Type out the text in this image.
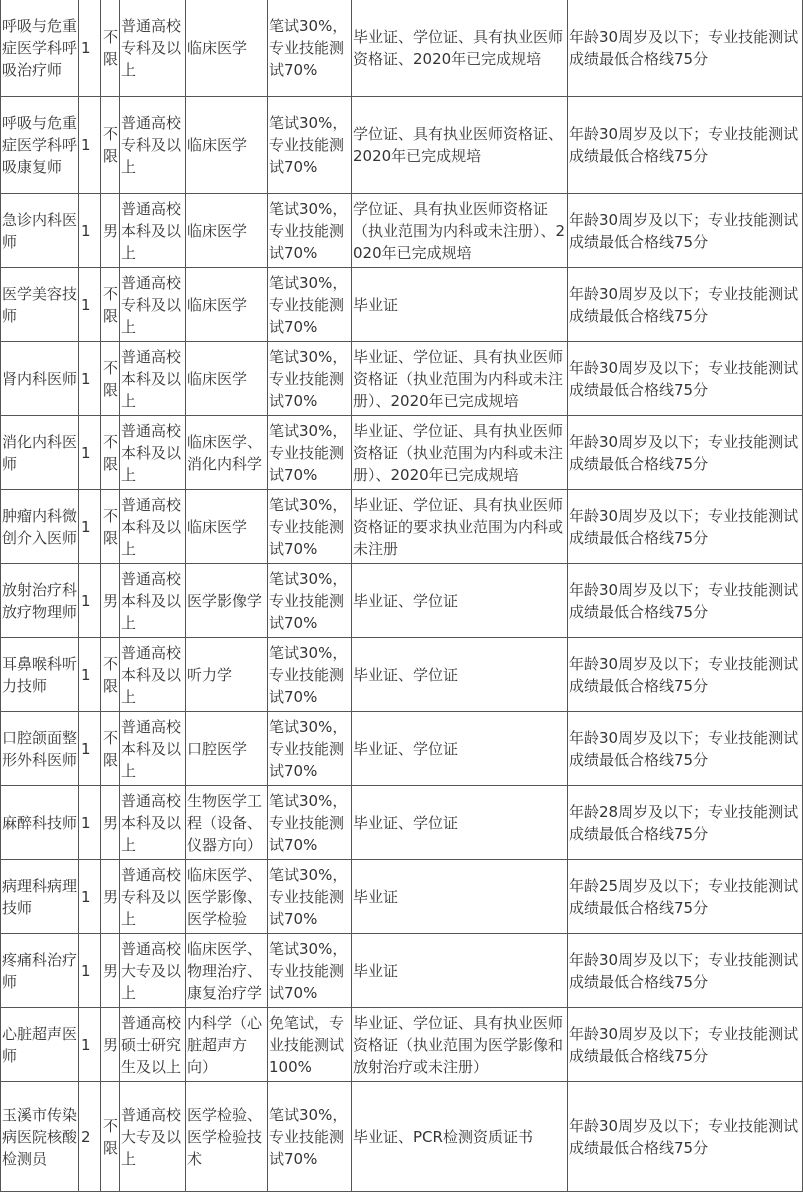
呼吸与危重症医学科呼吸治疗师	1	不限	普通高校专科及以上	临床医学	笔试30%，专业技能测试70%	毕业证、学位证、具有执业医师资格证、2020年已完成规培	年龄30周岁及以下；专业技能测试成绩最低合格线75分
呼吸与危重症医学科呼吸康复师	1	不限	普通高校专科及以上	临床医学	笔试30%，专业技能测试70%	学位证、具有执业医师资格证、2020年已完成规培	年龄30周岁及以下；专业技能测试成绩最低合格线75分
急诊内科医师	1	男	普通高校本科及以上	临床医学	笔试30%，专业技能测试70%	学位证、具有执业医师资格证（执业范围为内科或未注册）、2020年已完成规培	年龄30周岁及以下；专业技能测试成绩最低合格线75分
医学美容技师	1	不限	普通高校专科及以上	临床医学	笔试30%，专业技能测试70%	毕业证	年龄30周岁及以下；专业技能测试成绩最低合格线75分
肾内科医师	1	不限	普通高校本科及以上	临床医学	笔试30%，专业技能测试70%	毕业证、学位证、具有执业医师资格证（执业范围为内科或未注册）、2020年已完成规培	年龄30周岁及以下；专业技能测试成绩最低合格线75分
消化内科医师	1	不限	普通高校本科及以上	临床医学、消化内科学	笔试30%，专业技能测试70%	毕业证、学位证、具有执业医师资格证（执业范围为内科或未注册）、2020年已完成规培	年龄30周岁及以下；专业技能测试成绩最低合格线75分
肿瘤内科微创介入医师	1	不限	普通高校本科及以上	临床医学	笔试30%，专业技能测试70%	毕业证、学位证、具有执业医师资格证的要求执业范围为内科或未注册	年龄30周岁及以下；专业技能测试成绩最低合格线75分
放射治疗科放疗物理师	1	男	普通高校本科及以上	医学影像学	笔试30%，专业技能测试70%	毕业证、学位证	年龄30周岁及以下；专业技能测试成绩最低合格线75分
耳鼻喉科听力技师	1	不限	普通高校本科及以上	听力学	笔试30%，专业技能测试70%	毕业证、学位证	年龄30周岁及以下；专业技能测试成绩最低合格线75分
口腔颌面整形外科医师	1	不限	普通高校本科及以上	口腔医学	笔试30%，专业技能测试70%	毕业证、学位证	年龄30周岁及以下；专业技能测试成绩最低合格线75分
麻醉科技师	1	男	普通高校本科及以上	生物医学工程（设备、仪器方向）	笔试30%，专业技能测试70%	毕业证、学位证	年龄28周岁及以下；专业技能测试成绩最低合格线75分
病理科病理技师	1	男	普通高校专科及以上	临床医学、医学影像、医学检验	笔试30%，专业技能测试70%	毕业证	年龄25周岁及以下；专业技能测试成绩最低合格线75分
疼痛科治疗师	1	男	普通高校大专及以上	临床医学、物理治疗、康复治疗学	笔试30%，专业技能测试70%	毕业证	年龄30周岁及以下；专业技能测试成绩最低合格线75分
心脏超声医师	1	男	普通高校硕士研究生及以上	内科学（心脏超声方向）	免笔试，专业技能测试100%	毕业证、学位证、具有执业医师资格证（执业范围为医学影像和放射治疗或未注册）	年龄30周岁及以下；专业技能测试成绩最低合格线75分
玉溪市传染病医院核酸检测员	2	不限	普通高校大专及以上	医学检验、医学检验技术	笔试30%，专业技能测试70%	毕业证、PCR检测资质证书	年龄30周岁及以下；专业技能测试成绩最低合格线75分
